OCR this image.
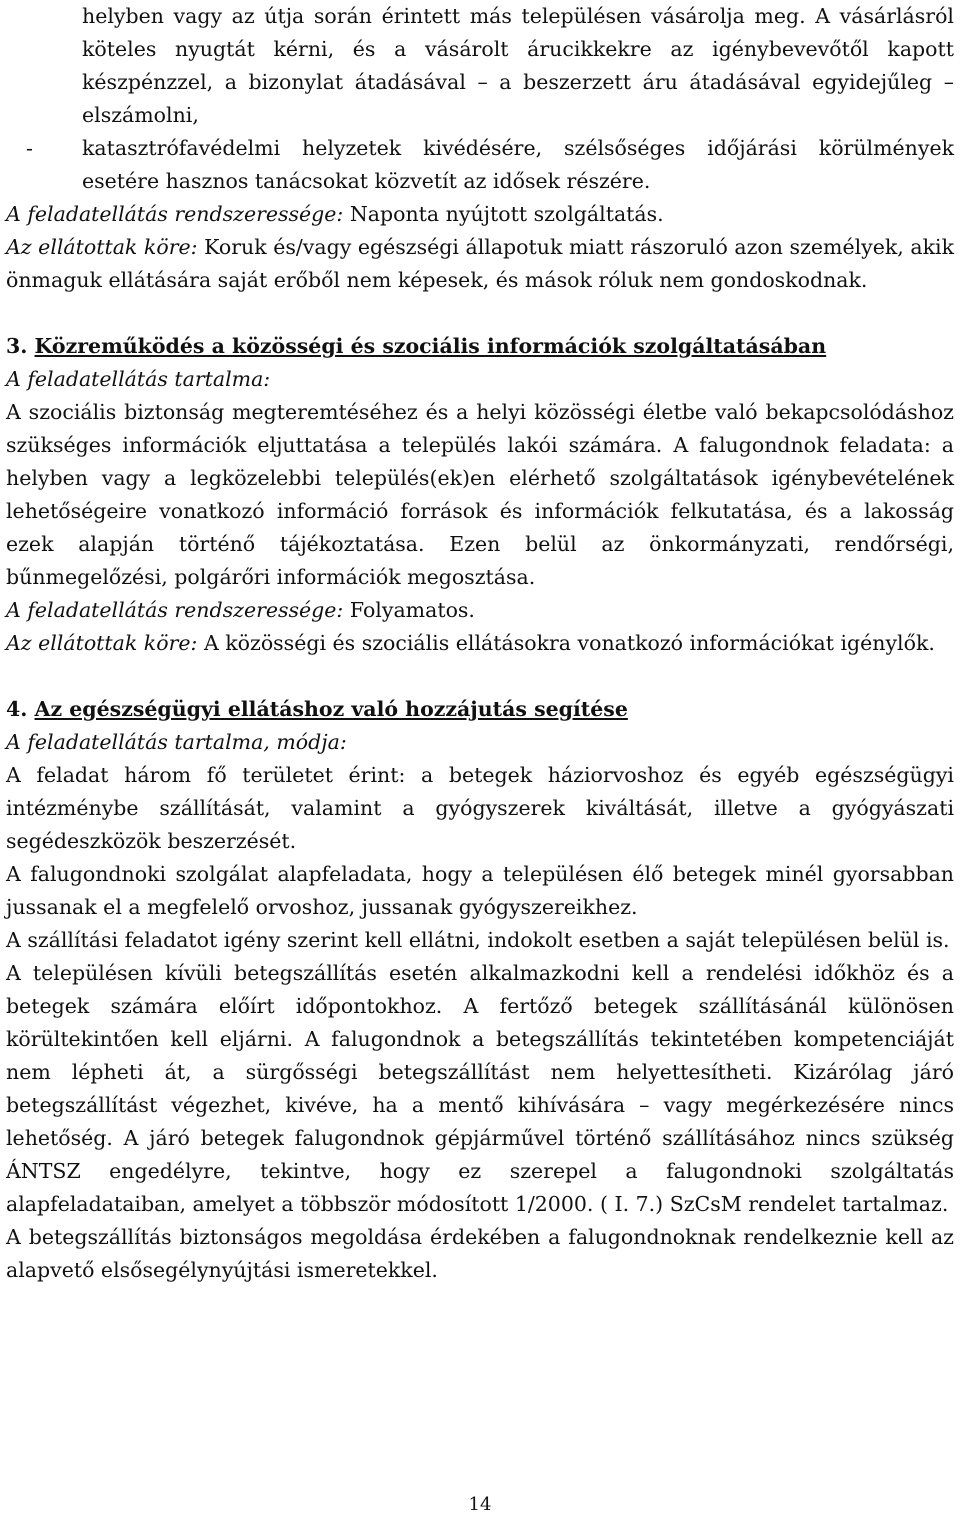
helyben vagy az útja során érintett más településen vásárolja meg. A vásárlásról köteles nyugtát kérni, és a vásárolt árucikkekre az igénybevevőtől kapott készpénzzel, a bizonylat átadásával – a beszerzett áru átadásával egyidejűleg – elszámolni,

- katasztrófavédelmi helyzetek kivédésére, szélsőséges időjárási körülmények esetére hasznos tanácsokat közvetít az idősek részére.

A feladatellátás rendszeressége: Naponta nyújtott szolgáltatás.

Az ellátottak köre: Koruk és/vagy egészségi állapotuk miatt rászoruló azon személyek, akik önmaguk ellátására saját erőből nem képesek, és mások róluk nem gondoskodnak.

3. Közreműködés a közösségi és szociális információk szolgáltatásában

A feladatellátás tartalma:

A szociális biztonság megteremtéséhez és a helyi közösségi életbe való bekapcsolódáshoz szükséges információk eljuttatása a település lakói számára. A falugondnok feladata: a helyben vagy a legközelebbi település(ek)en elérhető szolgáltatások igénybevételének lehetőségeire vonatkozó információ források és információk felkutatása, és a lakosság ezek alapján történő tájékoztatása. Ezen belül az önkormányzati, rendőrségi, bűnmegelőzési, polgárőri információk megosztása.

A feladatellátás rendszeressége: Folyamatos.

Az ellátottak köre: A közösségi és szociális ellátásokra vonatkozó információkat igénylők.

4. Az egészségügyi ellátáshoz való hozzájutás segítése

A feladatellátás tartalma, módja:

A feladat három fő területet érint: a betegek háziorvoshoz és egyéb egészségügyi intézménybe szállítását, valamint a gyógyszerek kiváltását, illetve a gyógyászati segédeszközök beszerzését.

A falugondnoki szolgálat alapfeladata, hogy a településen élő betegek minél gyorsabban jussanak el a megfelelő orvoshoz, jussanak gyógyszereikhez.

A szállítási feladatot igény szerint kell ellátni, indokolt esetben a saját településen belül is.

A településen kívüli betegszállítás esetén alkalmazkodni kell a rendelési időkhöz és a betegek számára előírt időpontokhoz. A fertőző betegek szállításánál különösen körültekintően kell eljárni. A falugondnok a betegszállítás tekintetében kompetenciáját nem lépheti át, a sürgősségi betegszállítást nem helyettesítheti. Kizárólag járó betegszállítást végezhet, kivéve, ha a mentő kihívására – vagy megérkezésére nincs lehetőség. A járó betegek falugondnok gépjárművel történő szállításához nincs szükség ÁNTSZ engedélyre, tekintve, hogy ez szerepel a falugondnoki szolgáltatás alapfeladataiban, amelyet a többször módosított 1/2000. ( I. 7.) SzCsM rendelet tartalmaz.

A betegszállítás biztonságos megoldása érdekében a falugondnoknak rendelkeznie kell az alapvető elsősegélynyújtási ismeretekkel.

14
